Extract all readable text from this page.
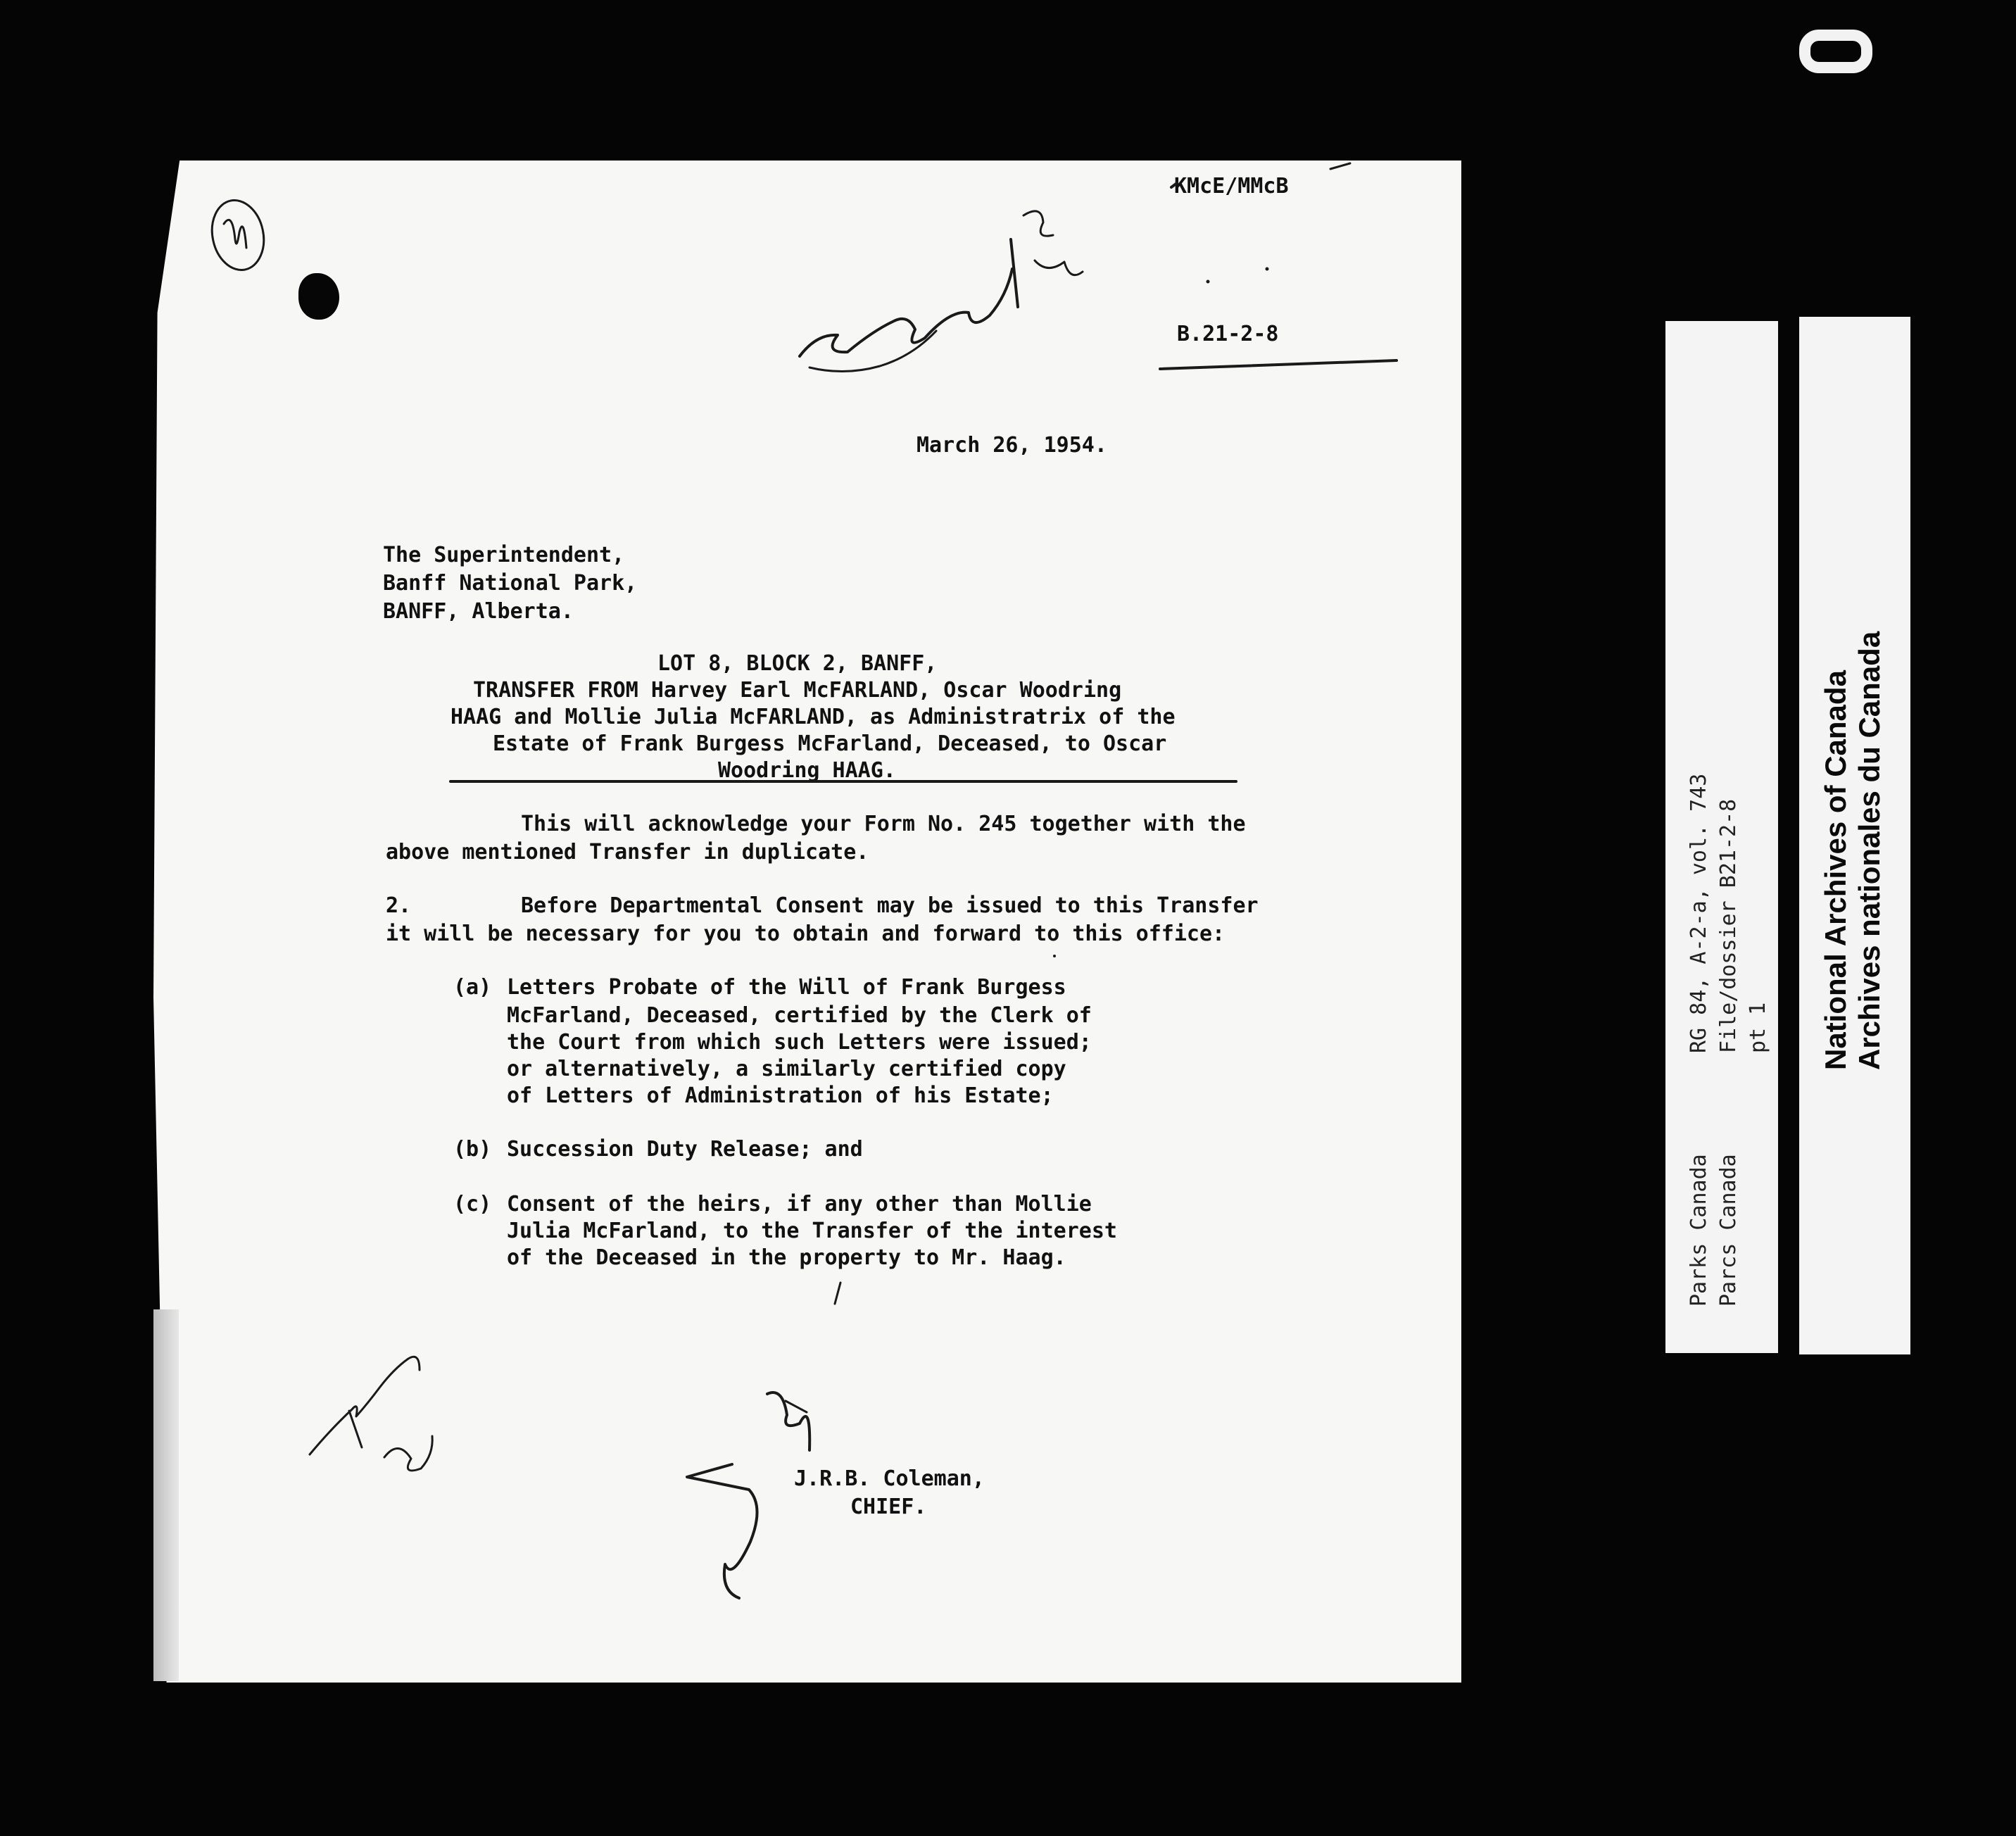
KMcE/MMcB
B.21-2-8
March 26, 1954.
The Superintendent,
Banff National Park,
BANFF, Alberta.
LOT 8, BLOCK 2, BANFF,
TRANSFER FROM Harvey Earl McFARLAND, Oscar Woodring
HAAG and Mollie Julia McFARLAND, as Administratrix of the
Estate of Frank Burgess McFarland, Deceased, to Oscar
Woodring HAAG.
This will acknowledge your Form No. 245 together with the
above mentioned Transfer in duplicate.
2.	Before Departmental Consent may be issued to this Transfer
it will be necessary for you to obtain and forward to this office:
(a) Letters Probate of the Will of Frank Burgess
McFarland, Deceased, certified by the Clerk of
the Court from which such Letters were issued;
or alternatively, a similarly certified copy
of Letters of Administration of his Estate;
(b) Succession Duty Release; and
(c) Consent of the heirs, if any other than Mollie
Julia McFarland, to the Transfer of the interest
of the Deceased in the property to Mr. Haag.
J.R.B. Coleman,
CHIEF.
RG 84, A-2-a, vol. 743 File/dossier B21-2-8 pt 1
Parks Canada Parcs Canada
National Archives of Canada Archives nationales du Canada
